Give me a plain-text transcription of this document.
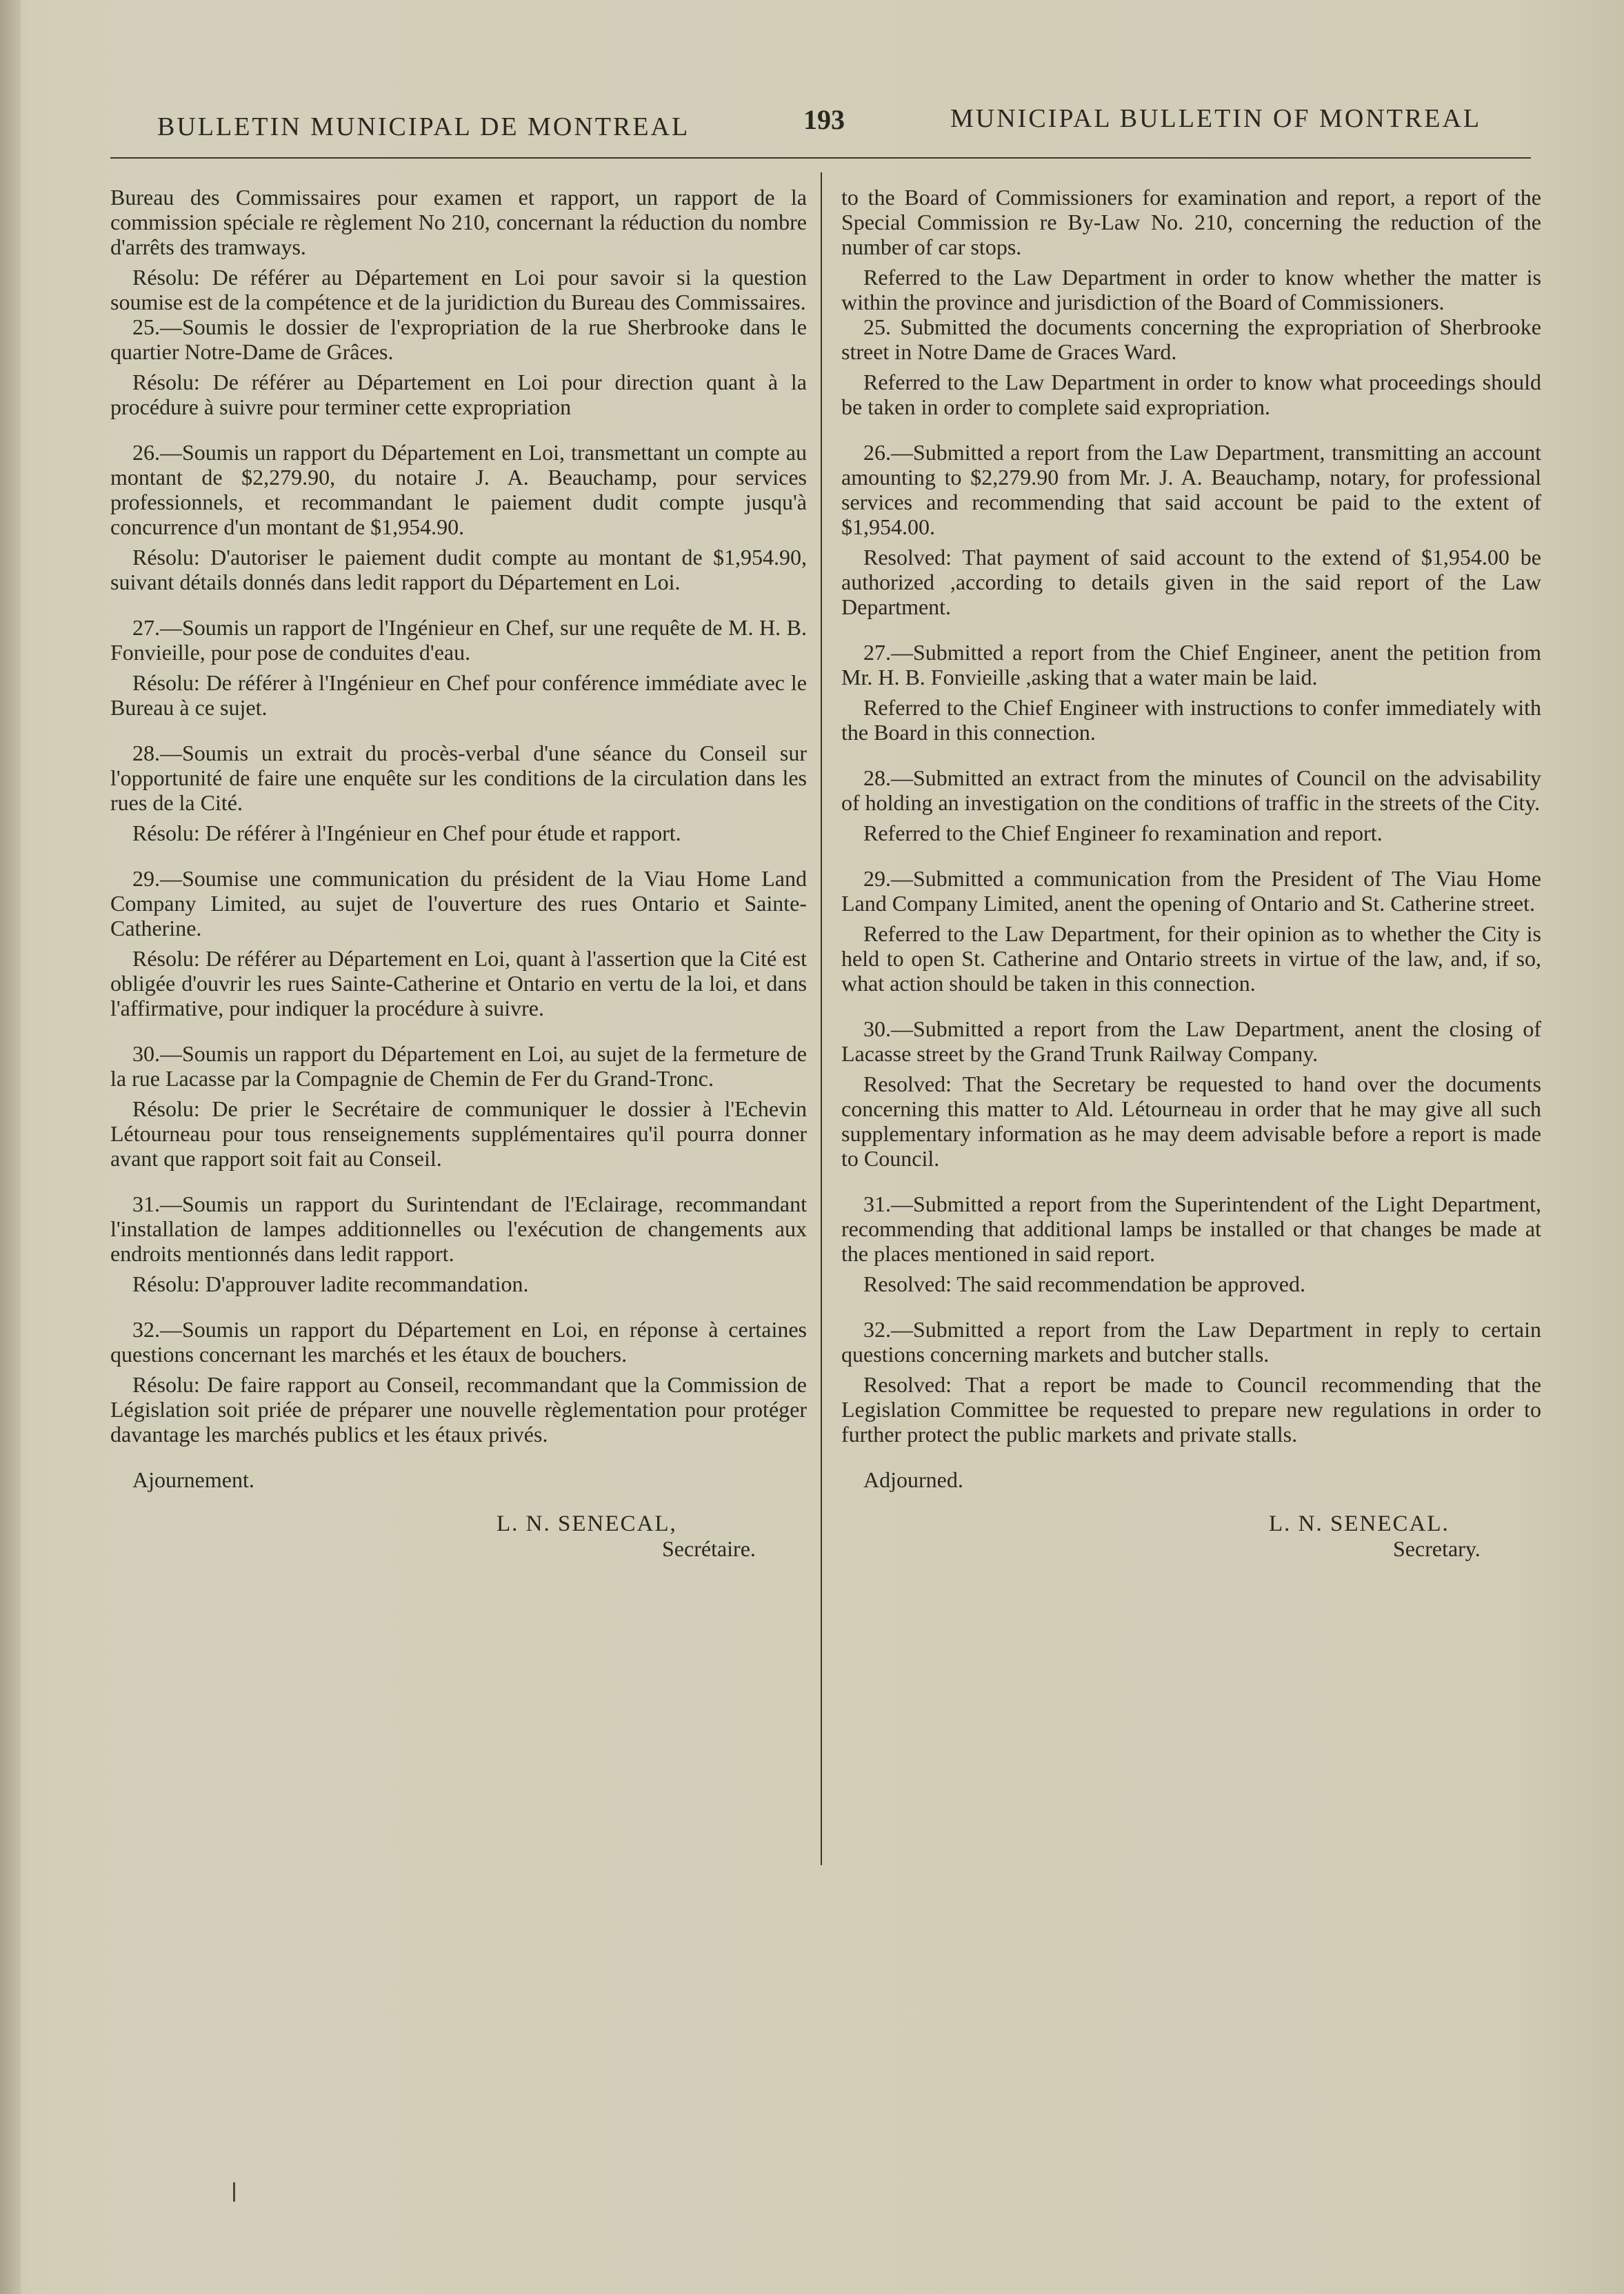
BULLETIN MUNICIPAL DE MONTREAL	193	MUNICIPAL BULLETIN OF MONTREAL

Bureau des Commissaires pour examen et rapport, un rapport de la commission spéciale re règlement No 210, concernant la réduction du nombre d'arrêts des tramways.

Résolu: De référer au Département en Loi pour savoir si la question soumise est de la compétence et de la juridiction du Bureau des Commissaires.

25.—Soumis le dossier de l'expropriation de la rue Sherbrooke dans le quartier Notre-Dame de Grâces.

Résolu: De référer au Département en Loi pour direction quant à la procédure à suivre pour terminer cette expropriation

26.—Soumis un rapport du Département en Loi, transmettant un compte au montant de $2,279.90, du notaire J. A. Beauchamp, pour services professionnels, et recommandant le paiement dudit compte jusqu'à concurrence d'un montant de $1,954.90.

Résolu: D'autoriser le paiement dudit compte au montant de $1,954.90, suivant détails donnés dans ledit rapport du Département en Loi.

27.—Soumis un rapport de l'Ingénieur en Chef, sur une requête de M. H. B. Fonvieille, pour pose de conduites d'eau.

Résolu: De référer à l'Ingénieur en Chef pour conférence immédiate avec le Bureau à ce sujet.

28.—Soumis un extrait du procès-verbal d'une séance du Conseil sur l'opportunité de faire une enquête sur les conditions de la circulation dans les rues de la Cité.

Résolu: De référer à l'Ingénieur en Chef pour étude et rapport.

29.—Soumise une communication du président de la Viau Home Land Company Limited, au sujet de l'ouverture des rues Ontario et Sainte-Catherine.

Résolu: De référer au Département en Loi, quant à l'assertion que la Cité est obligée d'ouvrir les rues Sainte-Catherine et Ontario en vertu de la loi, et dans l'affirmative, pour indiquer la procédure à suivre.

30.—Soumis un rapport du Département en Loi, au sujet de la fermeture de la rue Lacasse par la Compagnie de Chemin de Fer du Grand-Tronc.

Résolu: De prier le Secrétaire de communiquer le dossier à l'Echevin Létourneau pour tous renseignements supplémentaires qu'il pourra donner avant que rapport soit fait au Conseil.

31.—Soumis un rapport du Surintendant de l'Eclairage, recommandant l'installation de lampes additionnelles ou l'exécution de changements aux endroits mentionnés dans ledit rapport.

Résolu: D'approuver ladite recommandation.

32.—Soumis un rapport du Département en Loi, en réponse à certaines questions concernant les marchés et les étaux de bouchers.

Résolu: De faire rapport au Conseil, recommandant que la Commission de Législation soit priée de préparer une nouvelle règlementation pour protéger davantage les marchés publics et les étaux privés.

Ajournement.

L. N. SENECAL,

Secrétaire.

to the Board of Commissioners for examination and report, a report of the Special Commission re By-Law No. 210, concerning the reduction of the number of car stops.

Referred to the Law Department in order to know whether the matter is within the province and jurisdiction of the Board of Commissioners.

25. Submitted the documents concerning the expropriation of Sherbrooke street in Notre Dame de Graces Ward.

Referred to the Law Department in order to know what proceedings should be taken in order to complete said expropriation.

26.—Submitted a report from the Law Department, transmitting an account amounting to $2,279.90 from Mr. J. A. Beauchamp, notary, for professional services and recommending that said account be paid to the extent of $1,954.00.

Resolved: That payment of said account to the extend of $1,954.00 be authorized ,according to details given in the said report of the Law Department.

27.—Submitted a report from the Chief Engineer, anent the petition from Mr. H. B. Fonvieille ,asking that a water main be laid.

Referred to the Chief Engineer with instructions to confer immediately with the Board in this connection.

28.—Submitted an extract from the minutes of Council on the advisability of holding an investigation on the conditions of traffic in the streets of the City.

Referred to the Chief Engineer fo rexamination and report.

29.—Submitted a communication from the President of The Viau Home Land Company Limited, anent the opening of Ontario and St. Catherine street.

Referred to the Law Department, for their opinion as to whether the City is held to open St. Catherine and Ontario streets in virtue of the law, and, if so, what action should be taken in this connection.

30.—Submitted a report from the Law Department, anent the closing of Lacasse street by the Grand Trunk Railway Company.

Resolved: That the Secretary be requested to hand over the documents concerning this matter to Ald. Létourneau in order that he may give all such supplementary information as he may deem advisable before a report is made to Council.

31.—Submitted a report from the Superintendent of the Light Department, recommending that additional lamps be installed or that changes be made at the places mentioned in said report.

Resolved: The said recommendation be approved.

32.—Submitted a report from the Law Department in reply to certain questions concerning markets and butcher stalls.

Resolved: That a report be made to Council recommending that the Legislation Committee be requested to prepare new regulations in order to further protect the public markets and private stalls.

Adjourned.

L. N. SENECAL.

Secretary.
